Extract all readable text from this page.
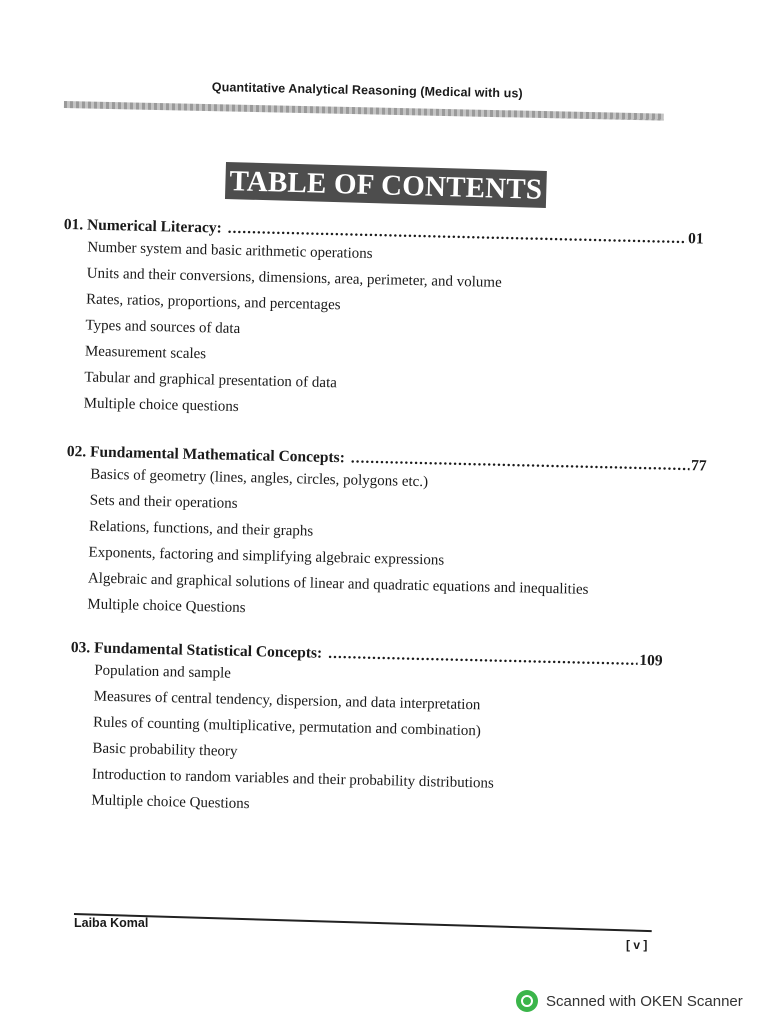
Quantitative Analytical Reasoning (Medical with us)
TABLE OF CONTENTS
01. Numerical Literacy:
.....
01
Number system and basic arithmetic operations
Units and their conversions, dimensions, area, perimeter, and volume
Rates, ratios, proportions, and percentages
Types and sources of data
Measurement scales
Tabular and graphical presentation of data
Multiple choice questions
02. Fundamental Mathematical Concepts: .....	77
Basics of geometry (lines, angles, circles, polygons etc.)
Sets and their operations
Relations, functions, and their graphs
Exponents, factoring and simplifying algebraic expressions
Algebraic and graphical solutions of linear and quadratic equations and inequalities
Multiple choice Questions
03. Fundamental Statistical Concepts: .....	109
Population and sample
Measures of central tendency, dispersion, and data interpretation
Rules of counting (multiplicative, permutation and combination)
Basic probability theory
Introduction to random variables and their probability distributions
Multiple choice Questions
Laiba Komal
[ v ]
Scanned with OKEN Scanner
